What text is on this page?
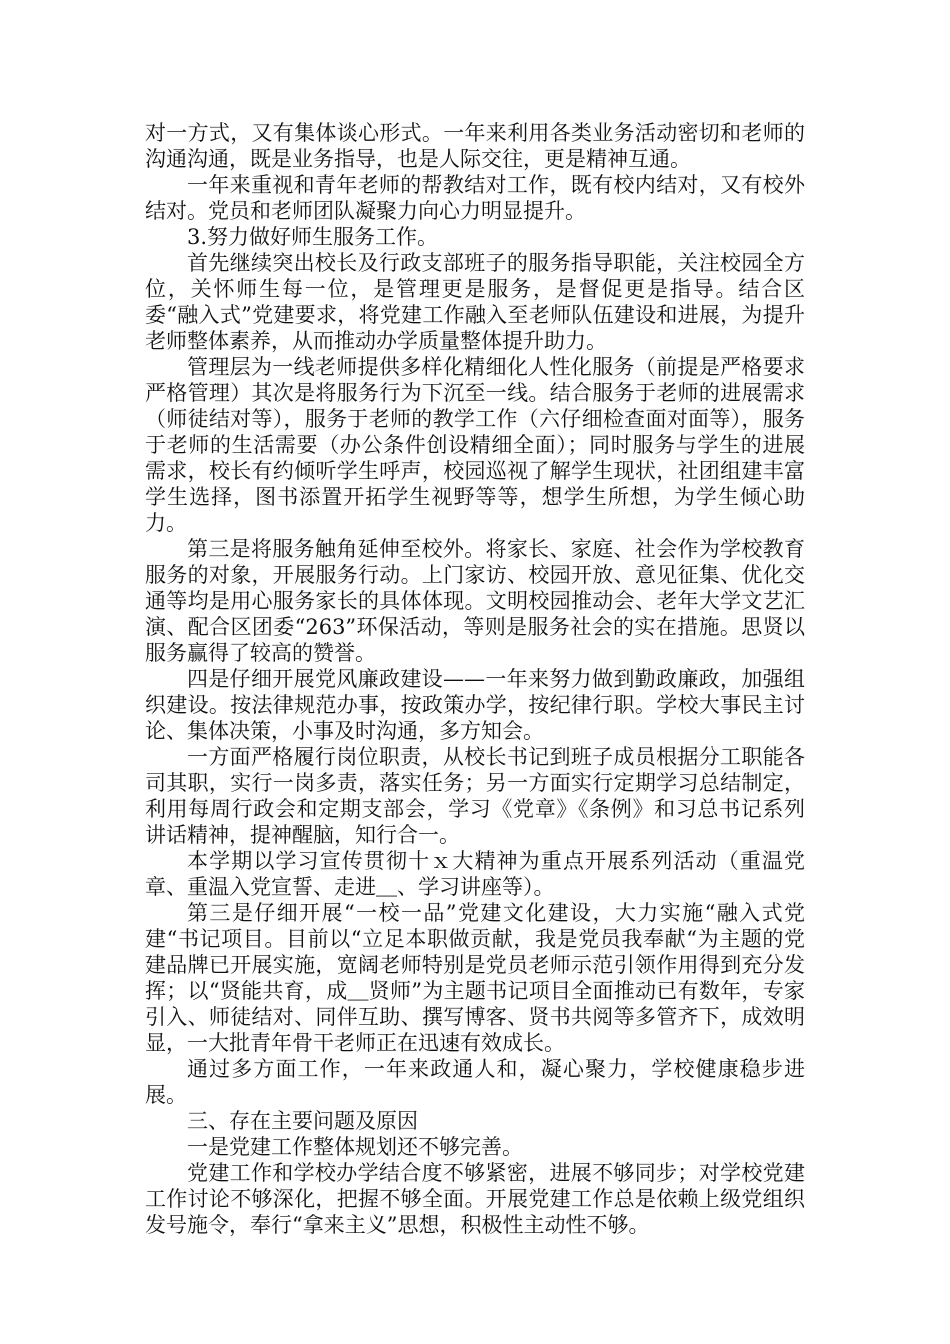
对一方式，又有集体谈心形式。一年来利用各类业务活动密切和老师的沟通沟通，既是业务指导，也是人际交往，更是精神互通。

一年来重视和青年老师的帮教结对工作，既有校内结对，又有校外结对。党员和老师团队凝聚力向心力明显提升。

3.努力做好师生服务工作。

首先继续突出校长及行政支部班子的服务指导职能，关注校园全方位，关怀师生每一位，是管理更是服务，是督促更是指导。结合区委“融入式”党建要求，将党建工作融入至老师队伍建设和进展，为提升老师整体素养，从而推动办学质量整体提升助力。

管理层为一线老师提供多样化精细化人性化服务（前提是严格要求严格管理）其次是将服务行为下沉至一线。结合服务于老师的进展需求（师徒结对等），服务于老师的教学工作（六仔细检查面对面等），服务于老师的生活需要（办公条件创设精细全面）；同时服务与学生的进展需求，校长有约倾听学生呼声，校园巡视了解学生现状，社团组建丰富学生选择，图书添置开拓学生视野等等，想学生所想，为学生倾心助力。

第三是将服务触角延伸至校外。将家长、家庭、社会作为学校教育服务的对象，开展服务行动。上门家访、校园开放、意见征集、优化交通等均是用心服务家长的具体体现。文明校园推动会、老年大学文艺汇演、配合区团委“263”环保活动，等则是服务社会的实在措施。思贤以服务赢得了较高的赞誉。

四是仔细开展党风廉政建设——一年来努力做到勤政廉政，加强组织建设。按法律规范办事，按政策办学，按纪律行职。学校大事民主讨论、集体决策，小事及时沟通，多方知会。

一方面严格履行岗位职责，从校长书记到班子成员根据分工职能各司其职，实行一岗多责，落实任务；另一方面实行定期学习总结制定，利用每周行政会和定期支部会，学习《党章》《条例》和习总书记系列讲话精神，提神醒脑，知行合一。

本学期以学习宣传贯彻十ｘ大精神为重点开展系列活动（重温党章、重温入党宣誓、走进＿、学习讲座等）。

第三是仔细开展“一校一品”党建文化建设，大力实施“融入式党建“书记项目。目前以“立足本职做贡献，我是党员我奉献“为主题的党建品牌已开展实施，宽阔老师特别是党员老师示范引领作用得到充分发挥；以“贤能共育，成＿贤师”为主题书记项目全面推动已有数年，专家引入、师徒结对、同伴互助、撰写博客、贤书共阅等多管齐下，成效明显，一大批青年骨干老师正在迅速有效成长。

通过多方面工作，一年来政通人和，凝心聚力，学校健康稳步进展。

三、存在主要问题及原因

一是党建工作整体规划还不够完善。

党建工作和学校办学结合度不够紧密，进展不够同步；对学校党建工作讨论不够深化，把握不够全面。开展党建工作总是依赖上级党组织发号施令，奉行“拿来主义”思想，积极性主动性不够。
